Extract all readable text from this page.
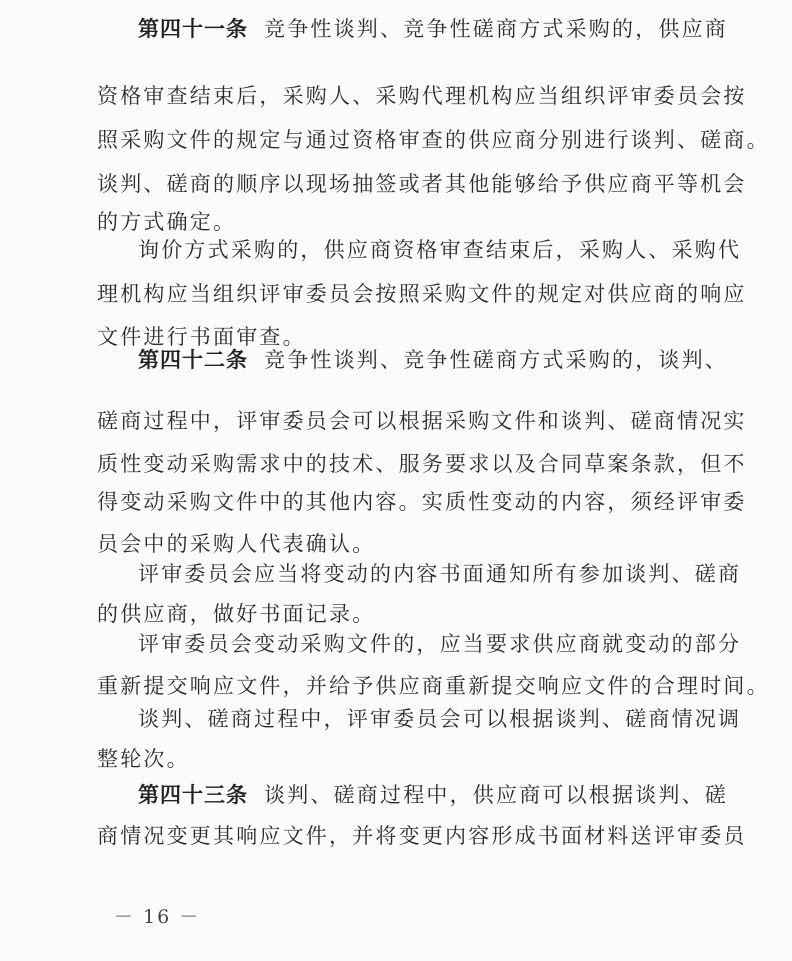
第四十一条 竞争性谈判、竞争性磋商方式采购的，供应商
资格审查结束后，采购人、采购代理机构应当组织评审委员会按
照采购文件的规定与通过资格审查的供应商分别进行谈判、磋商。
谈判、磋商的顺序以现场抽签或者其他能够给予供应商平等机会
的方式确定。
询价方式采购的，供应商资格审查结束后，采购人、采购代
理机构应当组织评审委员会按照采购文件的规定对供应商的响应
文件进行书面审查。
第四十二条 竞争性谈判、竞争性磋商方式采购的，谈判、
磋商过程中，评审委员会可以根据采购文件和谈判、磋商情况实
质性变动采购需求中的技术、服务要求以及合同草案条款，但不
得变动采购文件中的其他内容。实质性变动的内容，须经评审委
员会中的采购人代表确认。
评审委员会应当将变动的内容书面通知所有参加谈判、磋商
的供应商，做好书面记录。
评审委员会变动采购文件的，应当要求供应商就变动的部分
重新提交响应文件，并给予供应商重新提交响应文件的合理时间。
谈判、磋商过程中，评审委员会可以根据谈判、磋商情况调
整轮次。
第四十三条 谈判、磋商过程中，供应商可以根据谈判、磋
商情况变更其响应文件，并将变更内容形成书面材料送评审委员
－ 16 －
